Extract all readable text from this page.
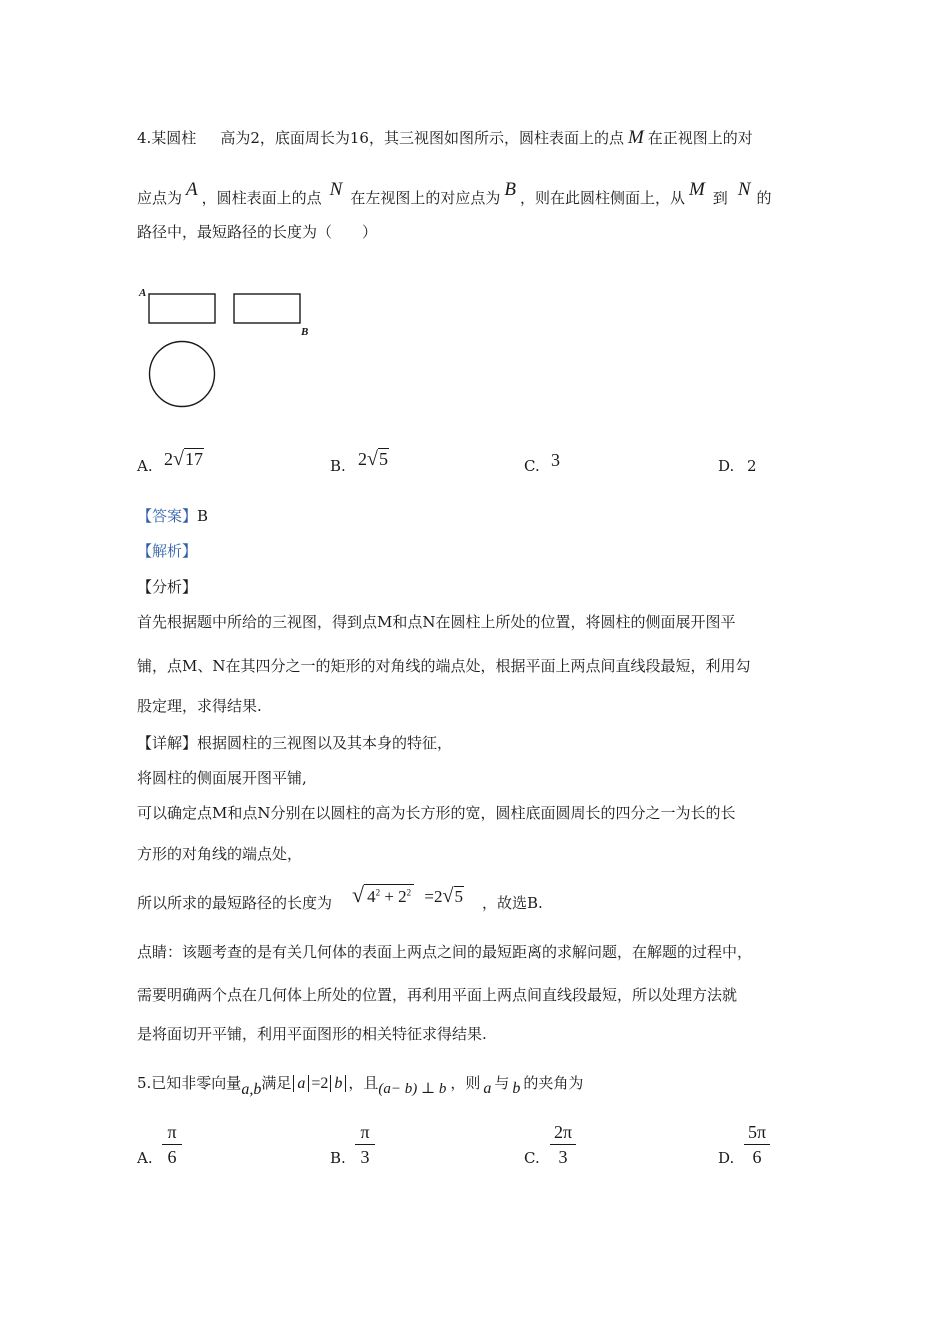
4.某圆柱 高为2，底面周长为16，其三视图如图所示，圆柱表面上的点 M 在正视图上的对
应点为 A ，圆柱表面上的点 N 在左视图上的对应点为 B ，则在此圆柱侧面上，从 M 到 N 的
路径中，最短路径的长度为（　　）
A
B
A. 2√17	B. 2√5	C. 3	D. 2
【答案】B
【解析】
【分析】
首先根据题中所给的三视图，得到点M和点N在圆柱上所处的位置，将圆柱的侧面展开图平
铺，点M、N在其四分之一的矩形的对角线的端点处，根据平面上两点间直线段最短，利用勾
股定理，求得结果.
【详解】根据圆柱的三视图以及其本身的特征，
将圆柱的侧面展开图平铺,
可以确定点M和点N分别在以圆柱的高为长方形的宽，圆柱底面圆周长的四分之一为长的长
方形的对角线的端点处，
所以所求的最短路径的长度为 √ $4^2 + 2^2 =2√5$ ，故选B.
点睛：该题考查的是有关几何体的表面上两点之间的最短距离的求解问题，在解题的过程中，
需要明确两个点在几何体上所处的位置，再利用平面上两点间直线段最短，所以处理方法就
是将面切开平铺，利用平面图形的相关特征求得结果.
5.已知非零向量a,b满足 a =2 b ，且(a− b) ⊥ b ，则 a 与 b 的夹角为
A.
π
6	B.
π
3	C.
2π
3	D.
5π
6
